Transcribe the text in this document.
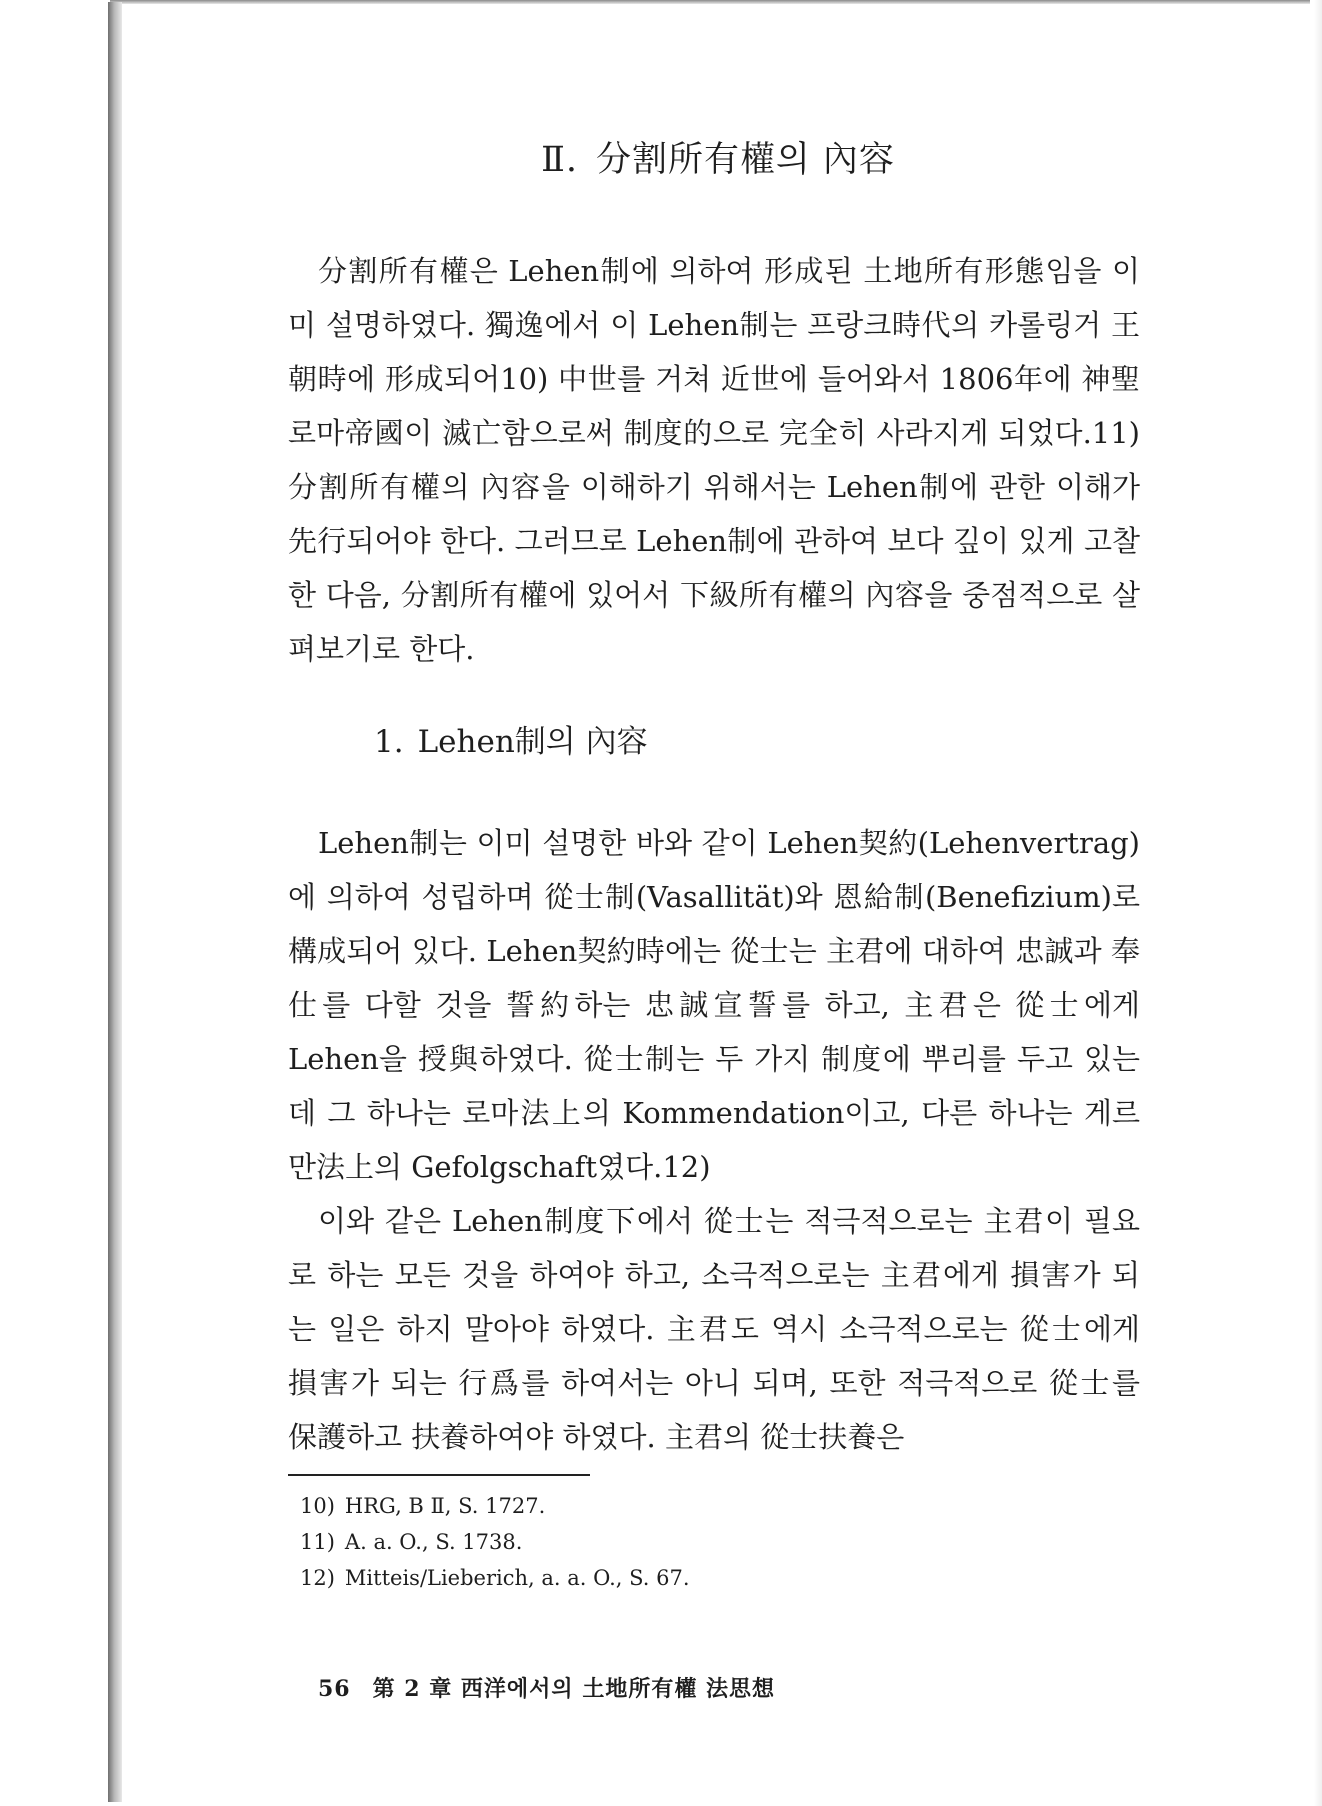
Ⅱ. 分割所有權의 內容

分割所有權은 Lehen制에 의하여 形成된 土地所有形態임을 이미 설명하였다. 獨逸에서 이 Lehen制는 프랑크時代의 카롤링거 王朝時에 形成되어10) 中世를 거쳐 近世에 들어와서 1806年에 神聖로마帝國이 滅亡함으로써 制度的으로 完全히 사라지게 되었다.11) 分割所有權의 內容을 이해하기 위해서는 Lehen制에 관한 이해가 先行되어야 한다. 그러므로 Lehen制에 관하여 보다 깊이 있게 고찰한 다음, 分割所有權에 있어서 下級所有權의 內容을 중점적으로 살펴보기로 한다.

1. Lehen制의 內容

Lehen制는 이미 설명한 바와 같이 Lehen契約(Lehenvertrag)에 의하여 성립하며 從士制(Vasallität)와 恩給制(Benefizium)로 構成되어 있다. Lehen契約時에는 從士는 主君에 대하여 忠誠과 奉仕를 다할 것을 誓約하는 忠誠宣誓를 하고, 主君은 從士에게 Lehen을 授與하였다. 從士制는 두 가지 制度에 뿌리를 두고 있는데 그 하나는 로마法上의 Kommendation이고, 다른 하나는 게르만法上의 Gefolgschaft였다.12)

이와 같은 Lehen制度下에서 從士는 적극적으로는 主君이 필요로 하는 모든 것을 하여야 하고, 소극적으로는 主君에게 損害가 되는 일은 하지 말아야 하였다. 主君도 역시 소극적으로는 從士에게 損害가 되는 行爲를 하여서는 아니 되며, 또한 적극적으로 從士를 保護하고 扶養하여야 하였다. 主君의 從士扶養은

10) HRG, B Ⅱ, S. 1727.
11) A. a. O., S. 1738.
12) Mitteis/Lieberich, a. a. O., S. 67.
56 第 2 章 西洋에서의 土地所有權 法思想
